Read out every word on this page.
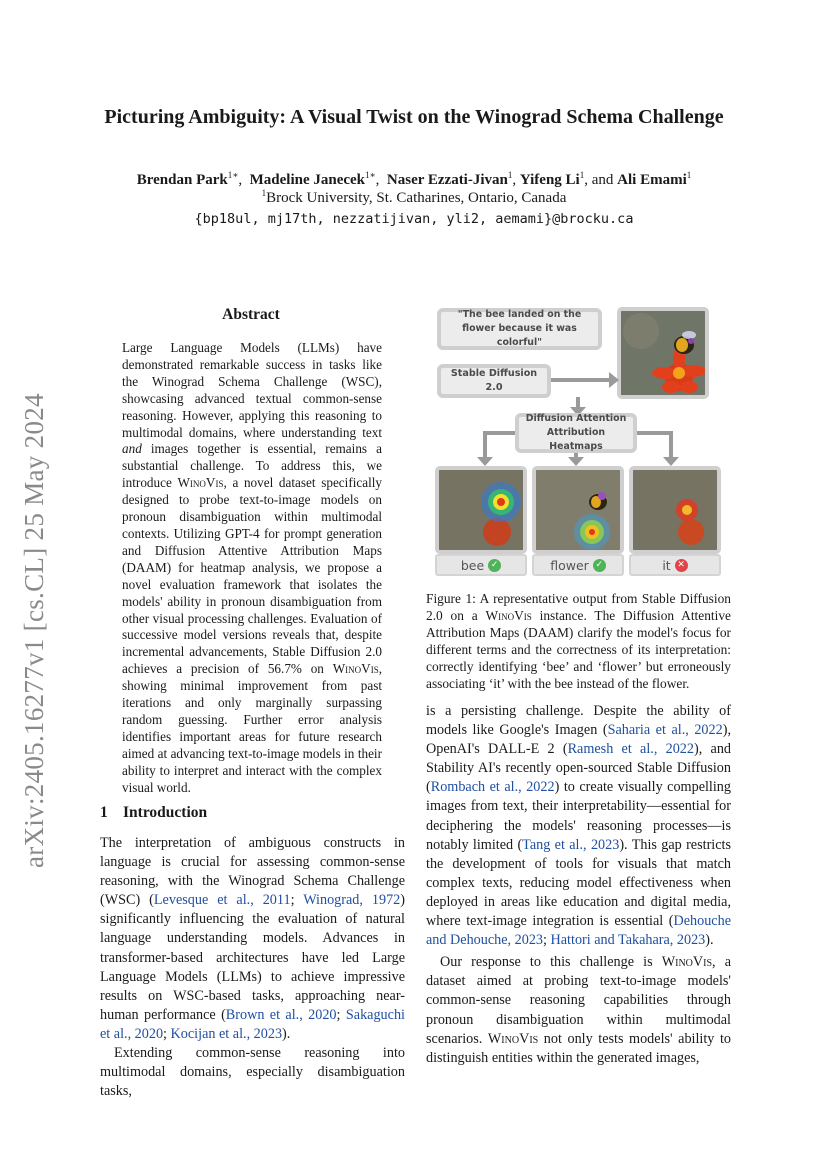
arXiv:2405.16277v1 [cs.CL] 25 May 2024
Picturing Ambiguity: A Visual Twist on the Winograd Schema Challenge
Brendan Park$^{1∗}$,  Madeline Janecek$^{1∗}$,  Naser Ezzati-Jivan$^1$, Yifeng Li$^1$, and Ali Emami$^1$
$^1$Brock University, St. Catharines, Ontario, Canada
{bp18ul, mj17th, nezzatijivan, yli2, aemami}@brocku.ca
Abstract
Large Language Models (LLMs) have demonstrated remarkable success in tasks like the Winograd Schema Challenge (WSC), showcasing advanced textual common-sense reasoning. However, applying this reasoning to multimodal domains, where understanding text and images together is essential, remains a substantial challenge. To address this, we introduce WinoVis, a novel dataset specifically designed to probe text-to-image models on pronoun disambiguation within multimodal contexts. Utilizing GPT-4 for prompt generation and Diffusion Attentive Attribution Maps (DAAM) for heatmap analysis, we propose a novel evaluation framework that isolates the models' ability in pronoun disambiguation from other visual processing challenges. Evaluation of successive model versions reveals that, despite incremental advancements, Stable Diffusion 2.0 achieves a precision of 56.7% on WinoVis, showing minimal improvement from past iterations and only marginally surpassing random guessing. Further error analysis identifies important areas for future research aimed at advancing text-to-image models in their ability to interpret and interact with the complex visual world.
1 Introduction

The interpretation of ambiguous constructs in language is crucial for assessing common-sense reasoning, with the Winograd Schema Challenge (WSC) (Levesque et al., 2011; Winograd, 1972) significantly influencing the evaluation of natural language understanding models. Advances in transformer-based architectures have led Large Language Models (LLMs) to achieve impressive results on WSC-based tasks, approaching near-human performance (Brown et al., 2020; Sakaguchi et al., 2020; Kocijan et al., 2023).

Extending common-sense reasoning into multimodal domains, especially disambiguation tasks,

"The bee landed on the flower because it was colorful"
Stable Diffusion 2.0
Diffusion Attention Attribution Heatmaps
bee ✓	flower ✓	it ✕
Figure 1: A representative output from Stable Diffusion 2.0 on a WinoVis instance. The Diffusion Attentive Attribution Maps (DAAM) clarify the model's focus for different terms and the correctness of its interpretation: correctly identifying ‘bee’ and ‘flower’ but erroneously associating ‘it’ with the bee instead of the flower.

is a persisting challenge. Despite the ability of models like Google's Imagen (Saharia et al., 2022), OpenAI's DALL-E 2 (Ramesh et al., 2022), and Stability AI's recently open-sourced Stable Diffusion (Rombach et al., 2022) to create visually compelling images from text, their interpretability—essential for deciphering the models' reasoning processes—is notably limited (Tang et al., 2023). This gap restricts the development of tools for visuals that match complex texts, reducing model effectiveness when deployed in areas like education and digital media, where text-image integration is essential (Dehouche and Dehouche, 2023; Hattori and Takahara, 2023).

Our response to this challenge is WinoVis, a dataset aimed at probing text-to-image models' common-sense reasoning capabilities through pronoun disambiguation within multimodal scenarios. WinoVis not only tests models' ability to distinguish entities within the generated images,
